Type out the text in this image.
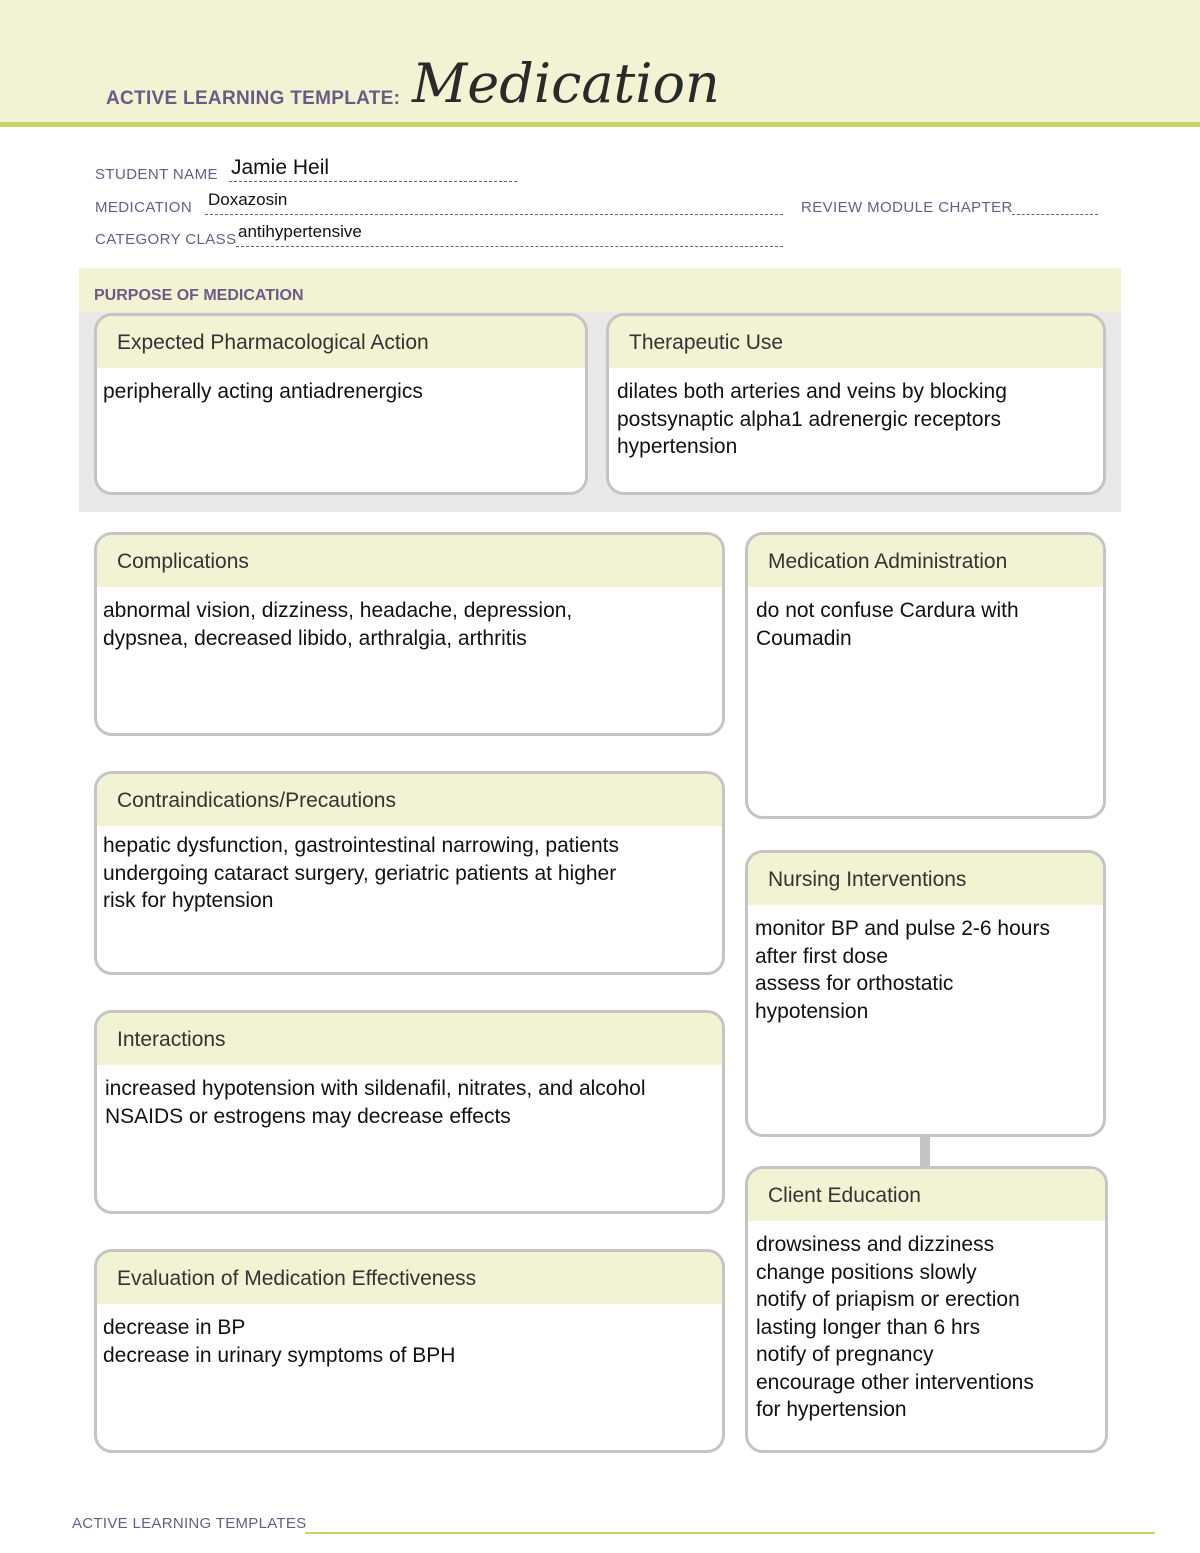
ACTIVE LEARNING TEMPLATE: Medication
STUDENT NAME Jamie Heil
MEDICATION Doxazosin	REVIEW MODULE CHAPTER
CATEGORY CLASS antihypertensive
PURPOSE OF MEDICATION
Expected Pharmacological Action
peripherally acting antiadrenergics
Therapeutic Use
dilates both arteries and veins by blocking
postsynaptic alpha1 adrenergic receptors
hypertension
Complications
abnormal vision, dizziness, headache, depression,
dypsnea, decreased libido, arthralgia, arthritis
Contraindications/Precautions
hepatic dysfunction, gastrointestinal narrowing, patients
undergoing cataract surgery, geriatric patients at higher
risk for hyptension
Interactions
increased hypotension with sildenafil, nitrates, and alcohol
NSAIDS or estrogens may decrease effects
Evaluation of Medication Effectiveness
decrease in BP
decrease in urinary symptoms of BPH
Medication Administration
do not confuse Cardura with
Coumadin
Nursing Interventions
monitor BP and pulse 2-6 hours
after first dose
assess for orthostatic
hypotension
Client Education
drowsiness and dizziness
change positions slowly
notify of priapism or erection
lasting longer than 6 hrs
notify of pregnancy
encourage other interventions
for hypertension
ACTIVE LEARNING TEMPLATES
